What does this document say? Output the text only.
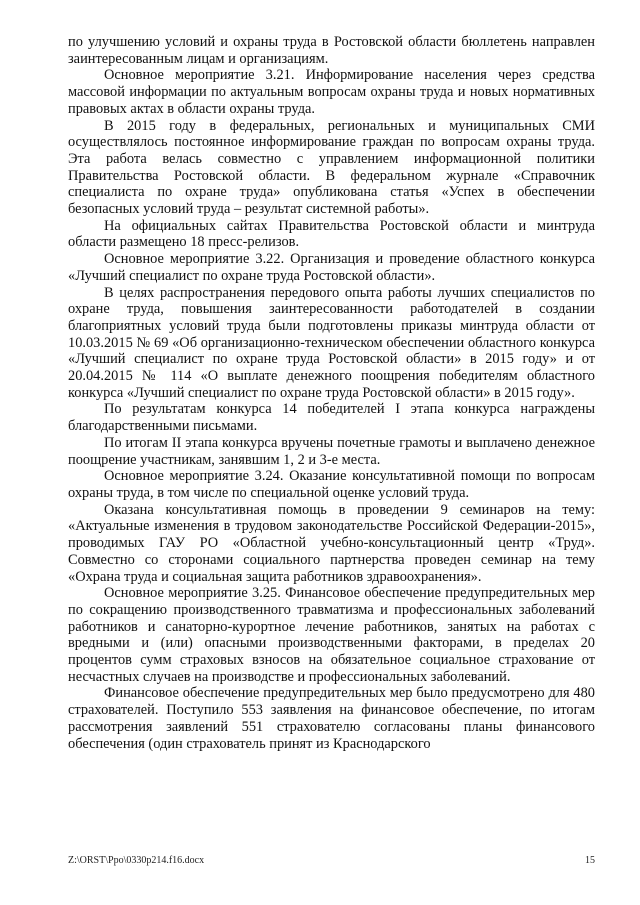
по улучшению условий и охраны труда в Ростовской области бюллетень направлен заинтересованным лицам и организациям.

Основное мероприятие 3.21. Информирование населения через средства массовой информации по актуальным вопросам охраны труда и новых нормативных правовых актах в области охраны труда.

В 2015 году в федеральных, региональных и муниципальных СМИ осуществлялось постоянное информирование граждан по вопросам охраны труда. Эта работа велась совместно с управлением информационной политики Правительства Ростовской области. В федеральном журнале «Справочник специалиста по охране труда» опубликована статья «Успех в обеспечении безопасных условий труда – результат системной работы».

На официальных сайтах Правительства Ростовской области и минтруда области размещено 18 пресс-релизов.

Основное мероприятие 3.22. Организация и проведение областного конкурса «Лучший специалист по охране труда Ростовской области».

В целях распространения передового опыта работы лучших специалистов по охране труда, повышения заинтересованности работодателей в создании благоприятных условий труда были подготовлены приказы минтруда области от 10.03.2015 № 69 «Об организационно-техническом обеспечении областного конкурса «Лучший специалист по охране труда Ростовской области» в 2015 году» и от 20.04.2015 № 114 «О выплате денежного поощрения победителям областного конкурса «Лучший специалист по охране труда Ростовской области» в 2015 году».

По результатам конкурса 14 победителей I этапа конкурса награждены благодарственными письмами.

По итогам II этапа конкурса вручены почетные грамоты и выплачено денежное поощрение участникам, занявшим 1, 2 и 3-е места.

Основное мероприятие 3.24. Оказание консультативной помощи по вопросам охраны труда, в том числе по специальной оценке условий труда.

Оказана консультативная помощь в проведении 9 семинаров на тему: «Актуальные изменения в трудовом законодательстве Российской Федерации-2015», проводимых ГАУ РО «Областной учебно-консультационный центр «Труд». Совместно со сторонами социального партнерства проведен семинар на тему «Охрана труда и социальная защита работников здравоохранения».

Основное мероприятие 3.25. Финансовое обеспечение предупредительных мер по сокращению производственного травматизма и профессиональных заболеваний работников и санаторно-курортное лечение работников, занятых на работах с вредными и (или) опасными производственными факторами, в пределах 20 процентов сумм страховых взносов на обязательное социальное страхование от несчастных случаев на производстве и профессиональных заболеваний.

Финансовое обеспечение предупредительных мер было предусмотрено для 480 страхователей. Поступило 553 заявления на финансовое обеспечение, по итогам рассмотрения заявлений 551 страхователю согласованы планы финансового обеспечения (один страхователь принят из Краснодарского

Z:\ORST\Ppo\0330p214.f16.docx	15
